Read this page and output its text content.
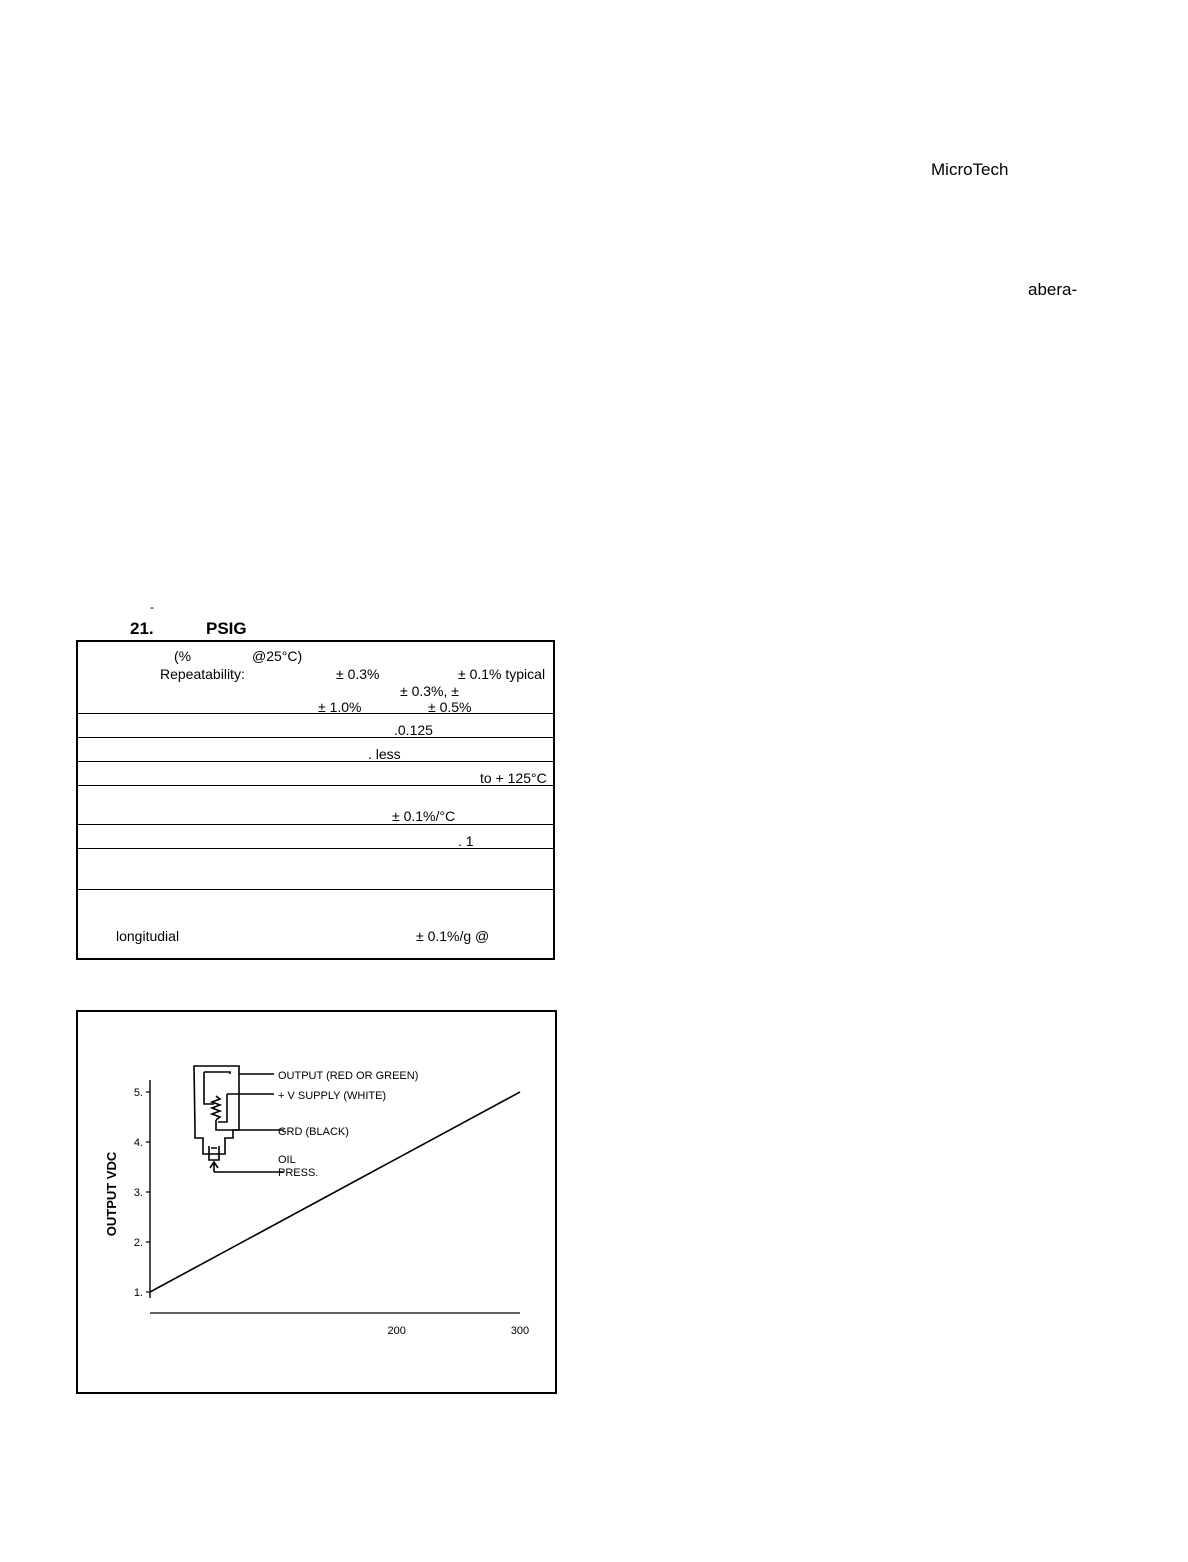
MicroTech
abera-
-
21.	PSIG
(%	@25°C)
Repeatability:	± 0.3%	± 0.1% typical
± 0.3%, ±
± 1.0%	± 0.5%
.0.125
. less
to + 125°C
± 0.1%/°C
. 1
longitudial	± 0.1%/g @
1.
2.
3.
4.
5.
200	300
OUTPUT VDC
OUTPUT (RED OR GREEN)
+ V SUPPLY (WHITE)
GRD (BLACK)
OIL
PRESS.
